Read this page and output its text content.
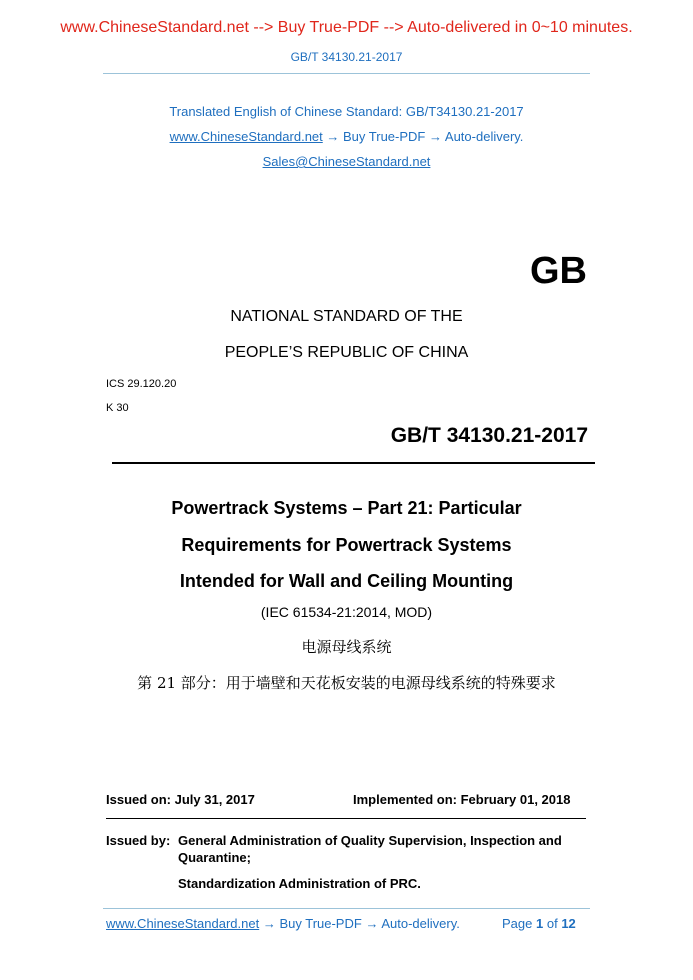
www.ChineseStandard.net --> Buy True-PDF --> Auto-delivered in 0~10 minutes.
GB/T 34130.21-2017
Translated English of Chinese Standard: GB/T34130.21-2017
www.ChineseStandard.net → Buy True-PDF → Auto-delivery.
Sales@ChineseStandard.net
GB
NATIONAL STANDARD OF THE
PEOPLE’S REPUBLIC OF CHINA
ICS 29.120.20
K 30
GB/T 34130.21-2017
Powertrack Systems – Part 21: Particular
Requirements for Powertrack Systems
Intended for Wall and Ceiling Mounting
(IEC 61534-21:2014, MOD)
电源母线系统
第 21 部分：用于墙壁和天花板安装的电源母线系统的特殊要求
Issued on: July 31, 2017	Implemented on: February 01, 2018
Issued by: General Administration of Quality Supervision, Inspection and
Quarantine;
Standardization Administration of PRC.
www.ChineseStandard.net → Buy True-PDF → Auto-delivery.	Page 1 of 12
